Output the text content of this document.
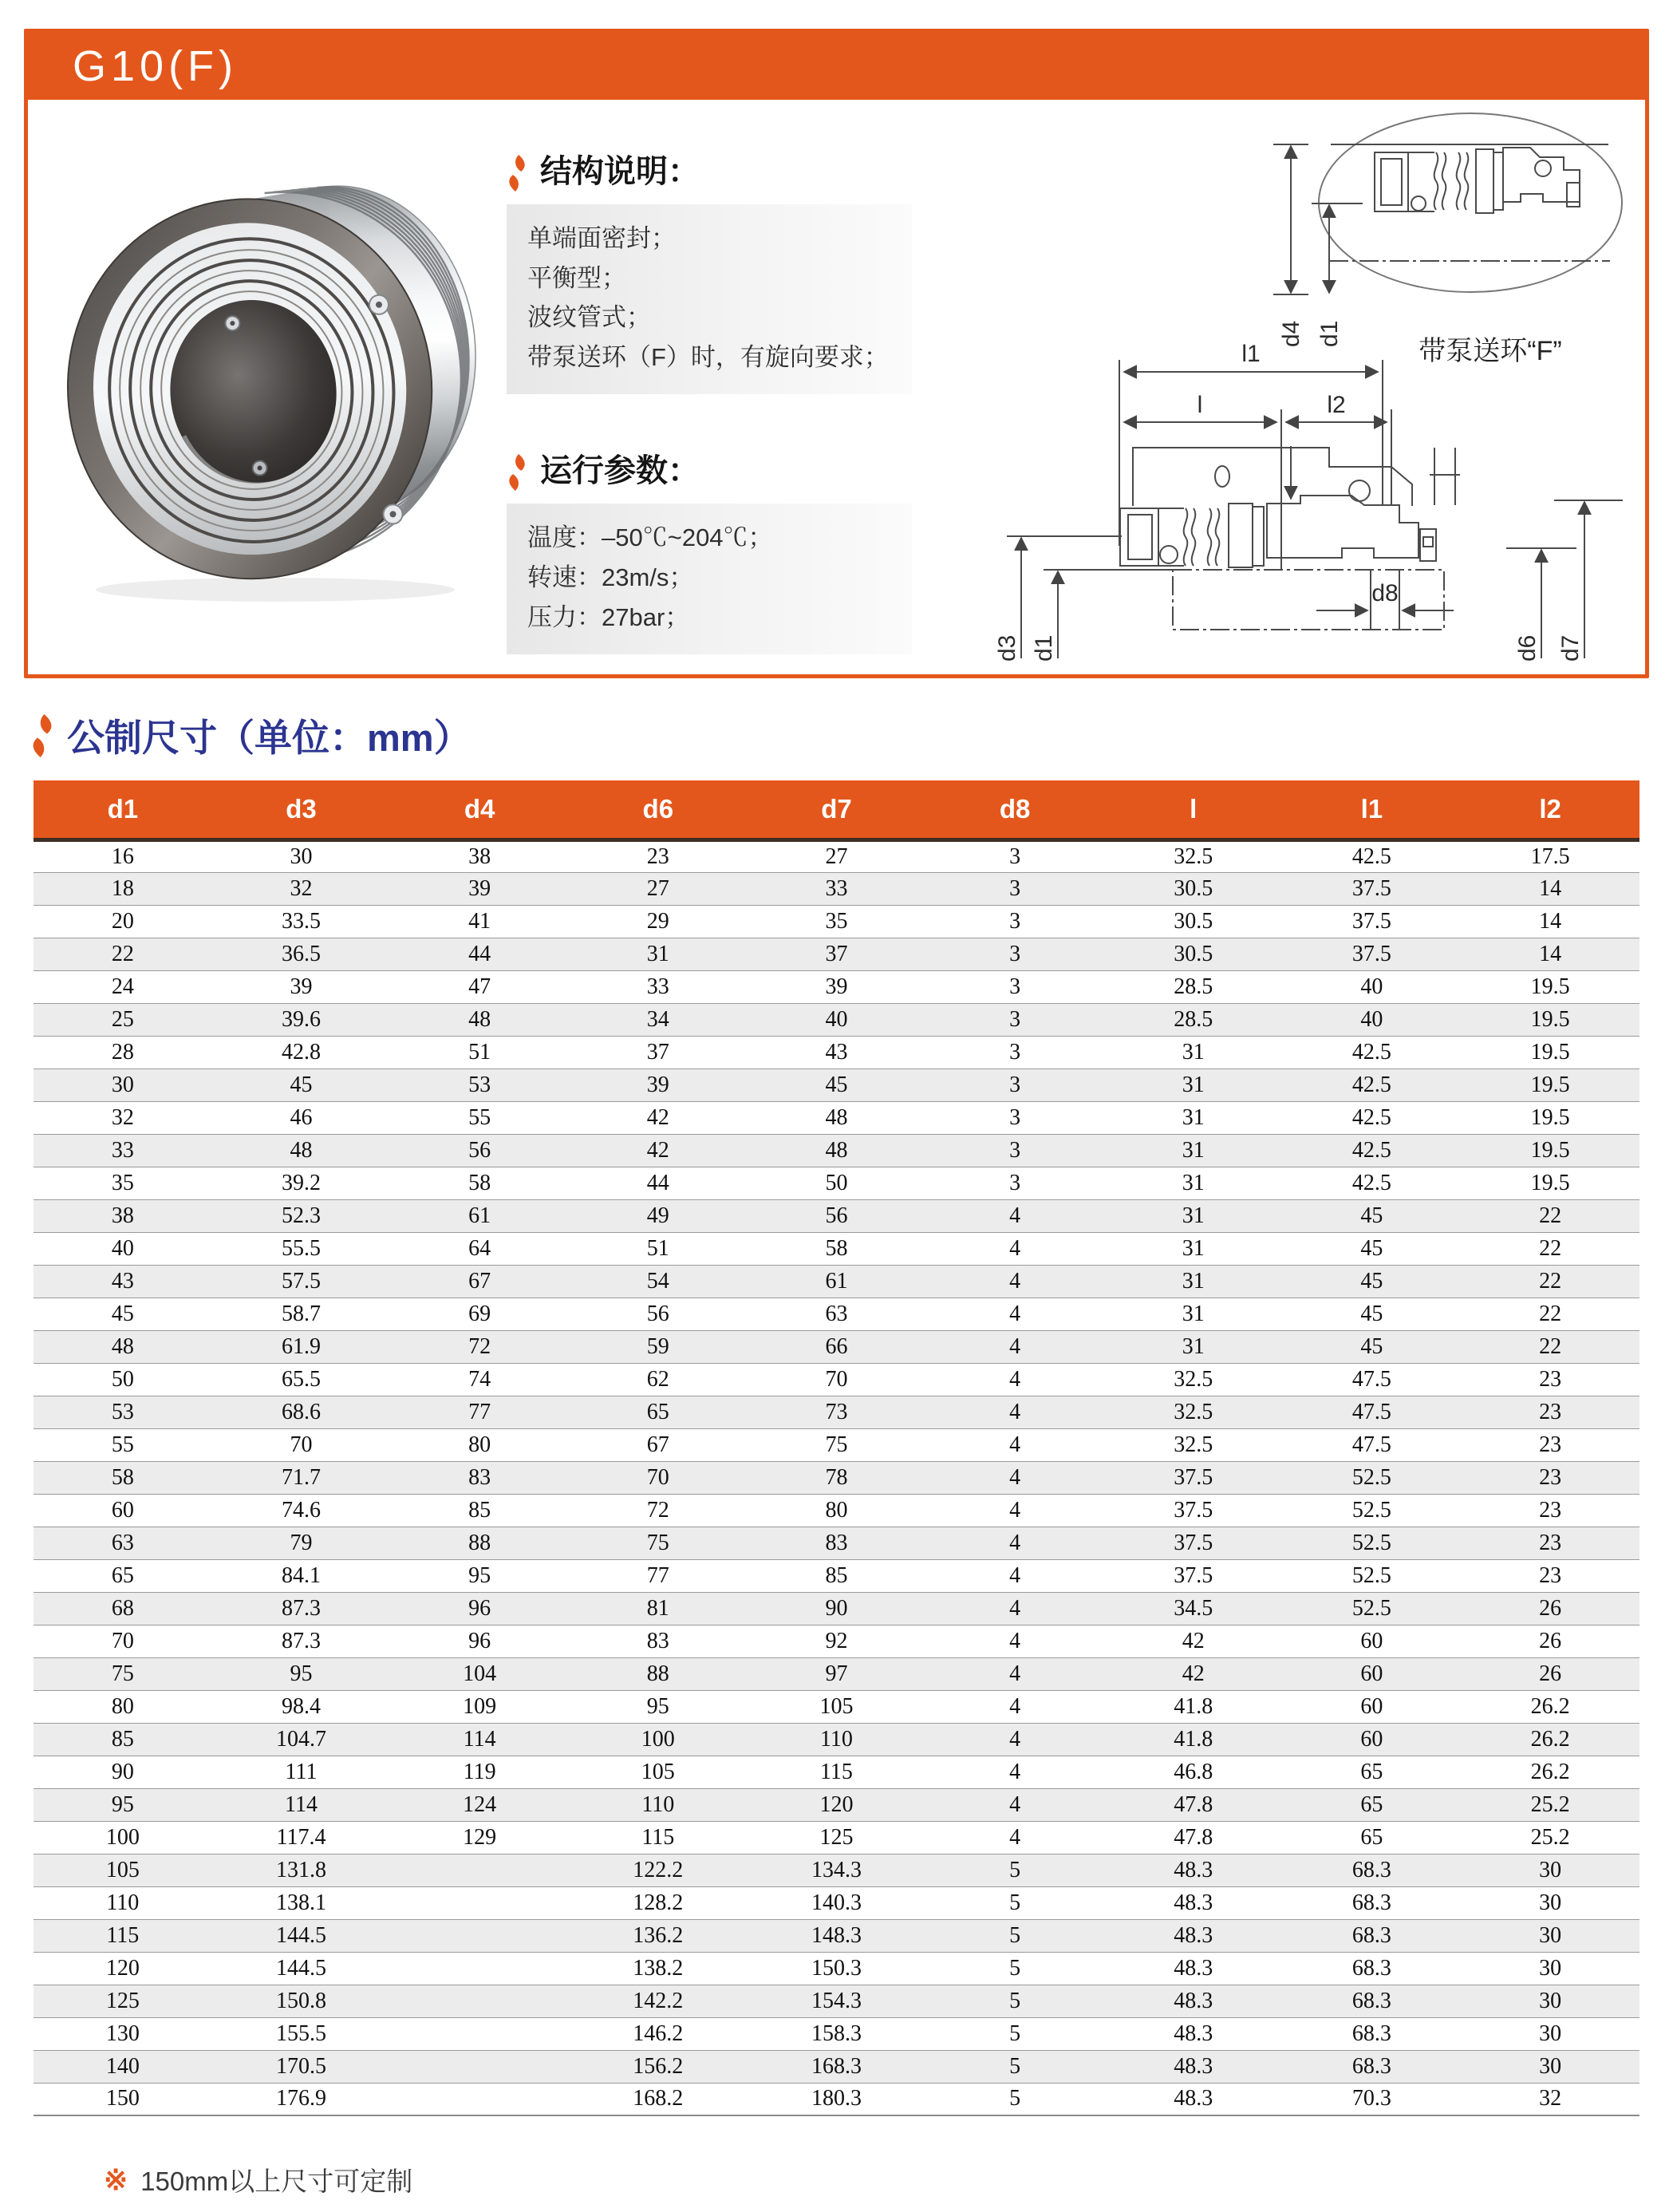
G10(F)
结构说明：
单端面密封；
平衡型；
波纹管式；
带泵送环（F）时，有旋向要求；
运行参数：
温度：–50℃~204℃；
转速：23m/s；
压力：27bar；
d4 d1
带泵送环“F”
l1
l	l2
d8
d3 d1	d6 d7
公制尺寸（单位：mm）
d1	d3	d4	d6	d7	d8	l	l1	l2
16	30	38	23	27	3	32.5	42.5	17.5
18	32	39	27	33	3	30.5	37.5	14
20	33.5	41	29	35	3	30.5	37.5	14
22	36.5	44	31	37	3	30.5	37.5	14
24	39	47	33	39	3	28.5	40	19.5
25	39.6	48	34	40	3	28.5	40	19.5
28	42.8	51	37	43	3	31	42.5	19.5
30	45	53	39	45	3	31	42.5	19.5
32	46	55	42	48	3	31	42.5	19.5
33	48	56	42	48	3	31	42.5	19.5
35	39.2	58	44	50	3	31	42.5	19.5
38	52.3	61	49	56	4	31	45	22
40	55.5	64	51	58	4	31	45	22
43	57.5	67	54	61	4	31	45	22
45	58.7	69	56	63	4	31	45	22
48	61.9	72	59	66	4	31	45	22
50	65.5	74	62	70	4	32.5	47.5	23
53	68.6	77	65	73	4	32.5	47.5	23
55	70	80	67	75	4	32.5	47.5	23
58	71.7	83	70	78	4	37.5	52.5	23
60	74.6	85	72	80	4	37.5	52.5	23
63	79	88	75	83	4	37.5	52.5	23
65	84.1	95	77	85	4	37.5	52.5	23
68	87.3	96	81	90	4	34.5	52.5	26
70	87.3	96	83	92	4	42	60	26
75	95	104	88	97	4	42	60	26
80	98.4	109	95	105	4	41.8	60	26.2
85	104.7	114	100	110	4	41.8	60	26.2
90	111	119	105	115	4	46.8	65	26.2
95	114	124	110	120	4	47.8	65	25.2
100	117.4	129	115	125	4	47.8	65	25.2
105	131.8		122.2	134.3	5	48.3	68.3	30
110	138.1		128.2	140.3	5	48.3	68.3	30
115	144.5		136.2	148.3	5	48.3	68.3	30
120	144.5		138.2	150.3	5	48.3	68.3	30
125	150.8		142.2	154.3	5	48.3	68.3	30
130	155.5		146.2	158.3	5	48.3	68.3	30
140	170.5		156.2	168.3	5	48.3	68.3	30
150	176.9		168.2	180.3	5	48.3	70.3	32
※ 150mm以上尺寸可定制
